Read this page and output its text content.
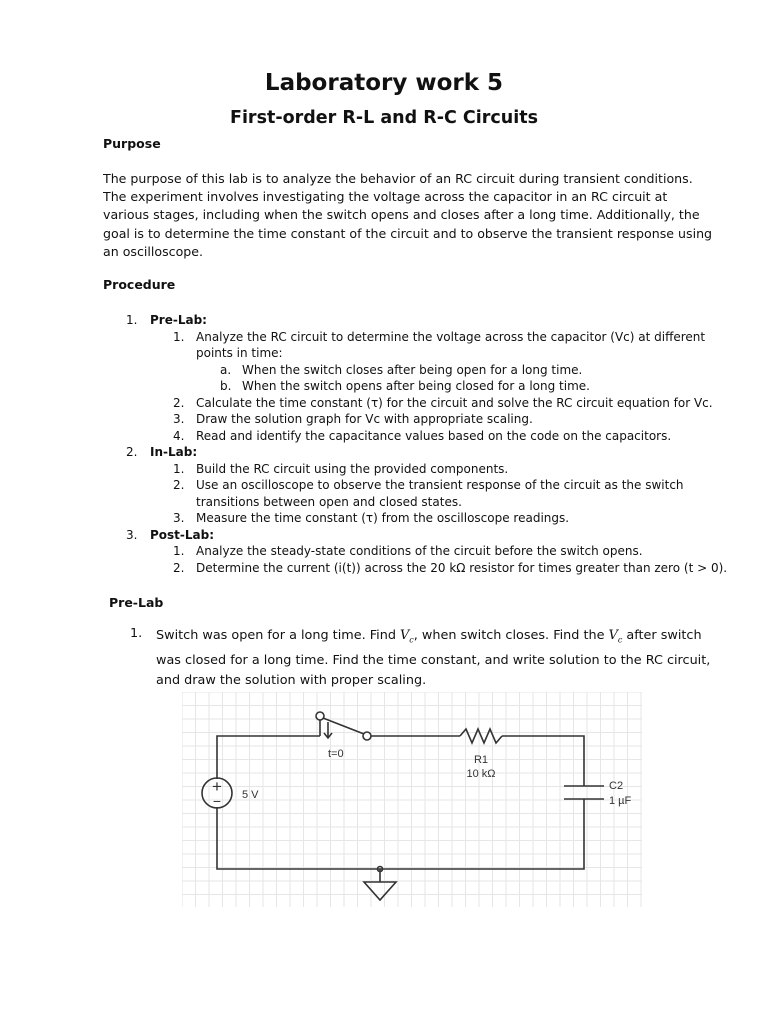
Laboratory work 5
First-order R-L and R-C Circuits
Purpose

The purpose of this lab is to analyze the behavior of an RC circuit during transient conditions. The experiment involves investigating the voltage across the capacitor in an RC circuit at various stages, including when the switch opens and closes after a long time. Additionally, the goal is to determine the time constant of the circuit and to observe the transient response using an oscilloscope.

Procedure
1. Pre-Lab:
1. Analyze the RC circuit to determine the voltage across the capacitor (Vc) at different
points in time:
a. When the switch closes after being open for a long time.
b. When the switch opens after being closed for a long time.
2. Calculate the time constant (τ) for the circuit and solve the RC circuit equation for Vc.
3. Draw the solution graph for Vc with appropriate scaling.
4. Read and identify the capacitance values based on the code on the capacitors.
2. In-Lab:
1. Build the RC circuit using the provided components.
2. Use an oscilloscope to observe the transient response of the circuit as the switch
transitions between open and closed states.
3. Measure the time constant (τ) from the oscilloscope readings.
3. Post-Lab:
1. Analyze the steady-state conditions of the circuit before the switch opens.
2. Determine the current (i(t)) across the 20 kΩ resistor for times greater than zero (t > 0).
Pre-Lab
1. Switch was open for a long time. Find $V_c$, when switch closes. Find the $V_c$ after switch was closed for a long time. Find the time constant, and write solution to the RC circuit, and draw the solution with proper scaling.
+
− 5 V
t=0	R1
10 kΩ
C2
1 µF
